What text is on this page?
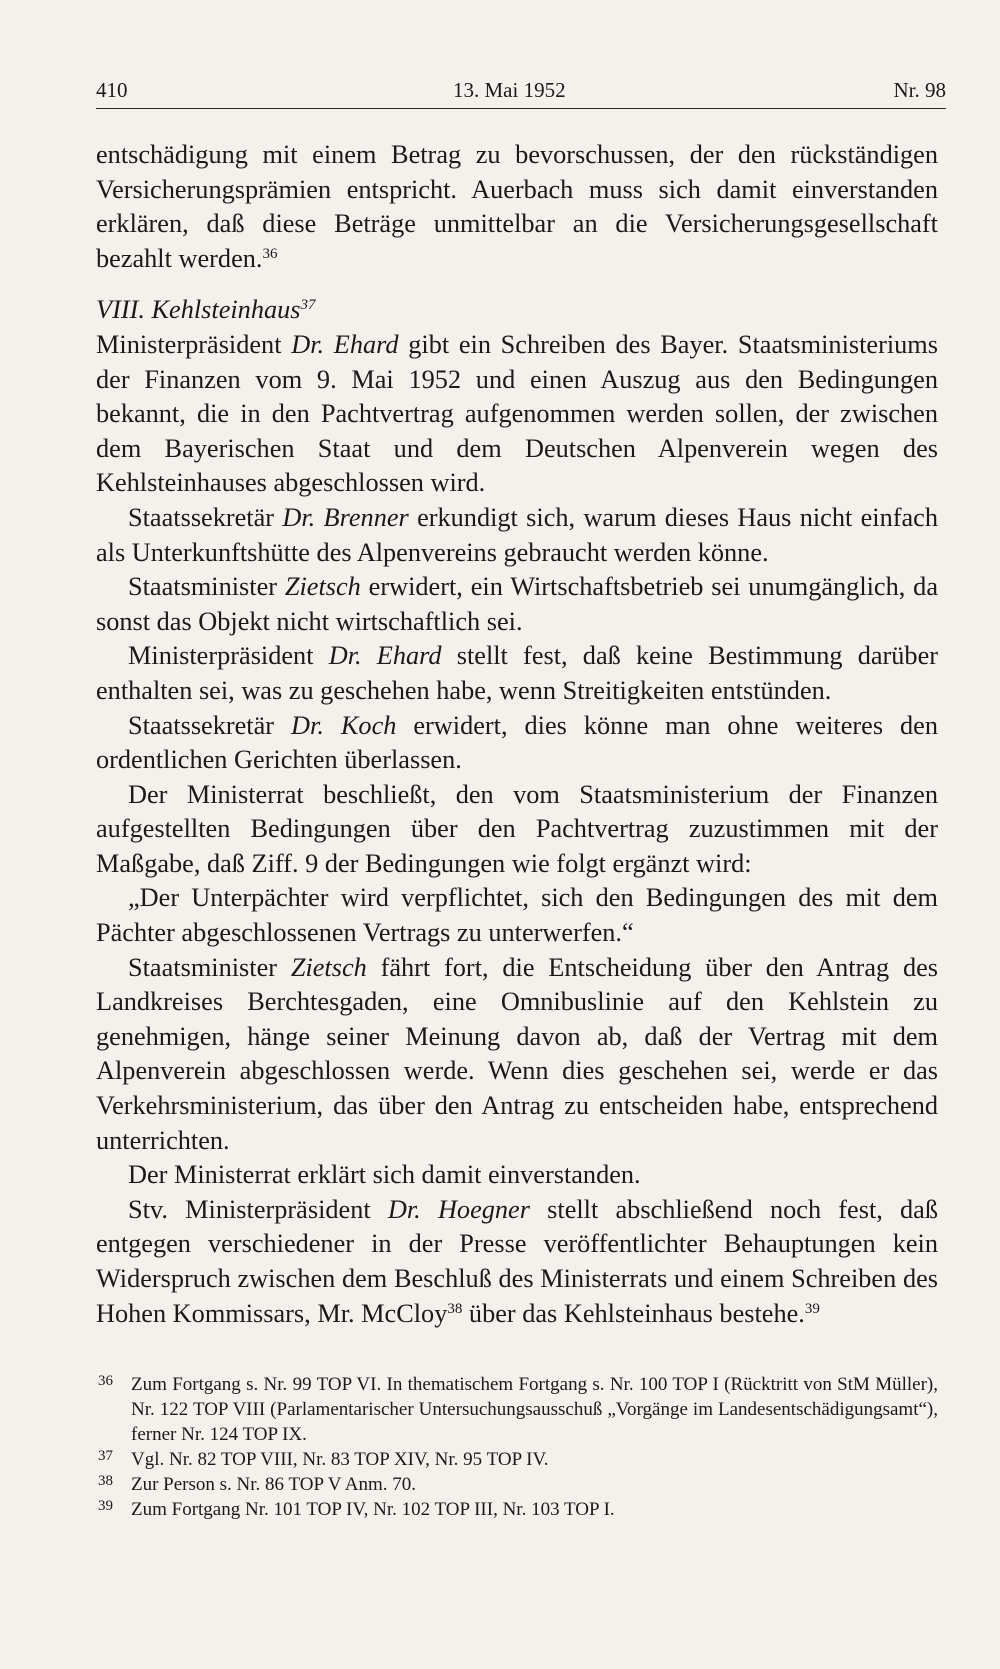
410	13. Mai 1952	Nr. 98

entschädigung mit einem Betrag zu bevorschussen, der den rückständigen Versicherungsprämien entspricht. Auerbach muss sich damit einverstanden erklären, daß diese Beträge unmittelbar an die Versicherungsgesellschaft bezahlt werden.$^{36}$

VIII. Kehlsteinhaus$^{37}$

Ministerpräsident Dr. Ehard gibt ein Schreiben des Bayer. Staatsministeriums der Finanzen vom 9. Mai 1952 und einen Auszug aus den Bedingungen bekannt, die in den Pachtvertrag aufgenommen werden sollen, der zwischen dem Bayerischen Staat und dem Deutschen Alpenverein wegen des Kehlsteinhauses abgeschlossen wird.

Staatssekretär Dr. Brenner erkundigt sich, warum dieses Haus nicht einfach als Unterkunftshütte des Alpenvereins gebraucht werden könne.

Staatsminister Zietsch erwidert, ein Wirtschaftsbetrieb sei unumgänglich, da sonst das Objekt nicht wirtschaftlich sei.

Ministerpräsident Dr. Ehard stellt fest, daß keine Bestimmung darüber enthalten sei, was zu geschehen habe, wenn Streitigkeiten entstünden.

Staatssekretär Dr. Koch erwidert, dies könne man ohne weiteres den ordentlichen Gerichten überlassen.

Der Ministerrat beschließt, den vom Staatsministerium der Finanzen aufgestellten Bedingungen über den Pachtvertrag zuzustimmen mit der Maßgabe, daß Ziff. 9 der Bedingungen wie folgt ergänzt wird:

„Der Unterpächter wird verpflichtet, sich den Bedingungen des mit dem Pächter abgeschlossenen Vertrags zu unterwerfen.“

Staatsminister Zietsch fährt fort, die Entscheidung über den Antrag des Landkreises Berchtesgaden, eine Omnibuslinie auf den Kehlstein zu genehmigen, hänge seiner Meinung davon ab, daß der Vertrag mit dem Alpenverein abgeschlossen werde. Wenn dies geschehen sei, werde er das Verkehrsministerium, das über den Antrag zu entscheiden habe, entsprechend unterrichten.

Der Ministerrat erklärt sich damit einverstanden.

Stv. Ministerpräsident Dr. Hoegner stellt abschließend noch fest, daß entgegen verschiedener in der Presse veröffentlichter Behauptungen kein Widerspruch zwischen dem Beschluß des Ministerrats und einem Schreiben des Hohen Kommissars, Mr. McCloy$^{38}$ über das Kehlsteinhaus bestehe.$^{39}$

36 Zum Fortgang s. Nr. 99 TOP VI. In thematischem Fortgang s. Nr. 100 TOP I (Rücktritt von StM Müller), Nr. 122 TOP VIII (Parlamentarischer Untersuchungsausschuß „Vorgänge im Landesentschädigungsamt“), ferner Nr. 124 TOP IX.

37 Vgl. Nr. 82 TOP VIII, Nr. 83 TOP XIV, Nr. 95 TOP IV.

38 Zur Person s. Nr. 86 TOP V Anm. 70.

39 Zum Fortgang Nr. 101 TOP IV, Nr. 102 TOP III, Nr. 103 TOP I.
